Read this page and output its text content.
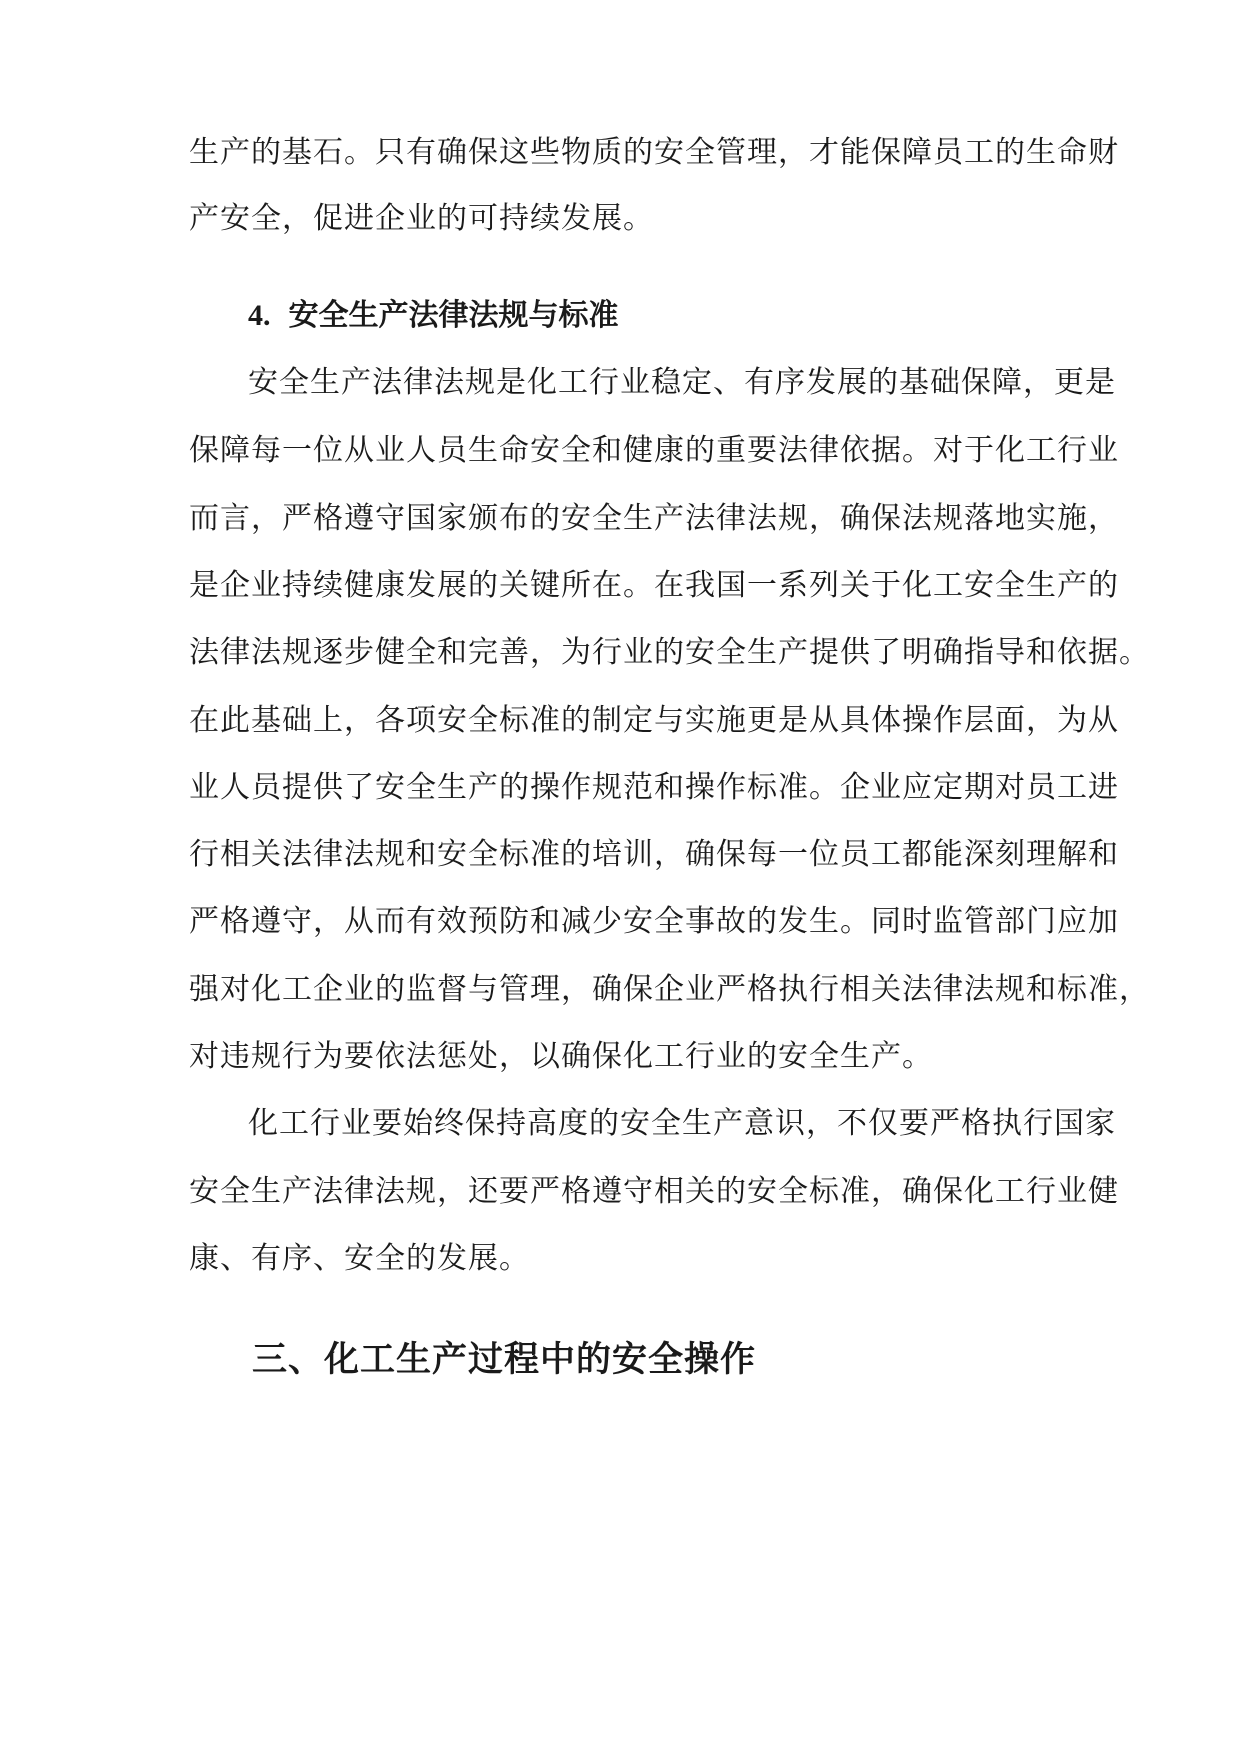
生产的基石。只有确保这些物质的安全管理，才能保障员工的生命财
产安全，促进企业的可持续发展。
4. 安全生产法律法规与标准
安全生产法律法规是化工行业稳定、有序发展的基础保障，更是
保障每一位从业人员生命安全和健康的重要法律依据。对于化工行业
而言，严格遵守国家颁布的安全生产法律法规，确保法规落地实施，
是企业持续健康发展的关键所在。在我国一系列关于化工安全生产的
法律法规逐步健全和完善，为行业的安全生产提供了明确指导和依据。
在此基础上，各项安全标准的制定与实施更是从具体操作层面，为从
业人员提供了安全生产的操作规范和操作标准。企业应定期对员工进
行相关法律法规和安全标准的培训，确保每一位员工都能深刻理解和
严格遵守，从而有效预防和减少安全事故的发生。同时监管部门应加
强对化工企业的监督与管理，确保企业严格执行相关法律法规和标准，
对违规行为要依法惩处，以确保化工行业的安全生产。
化工行业要始终保持高度的安全生产意识，不仅要严格执行国家
安全生产法律法规，还要严格遵守相关的安全标准，确保化工行业健
康、有序、安全的发展。
三、化工生产过程中的安全操作
